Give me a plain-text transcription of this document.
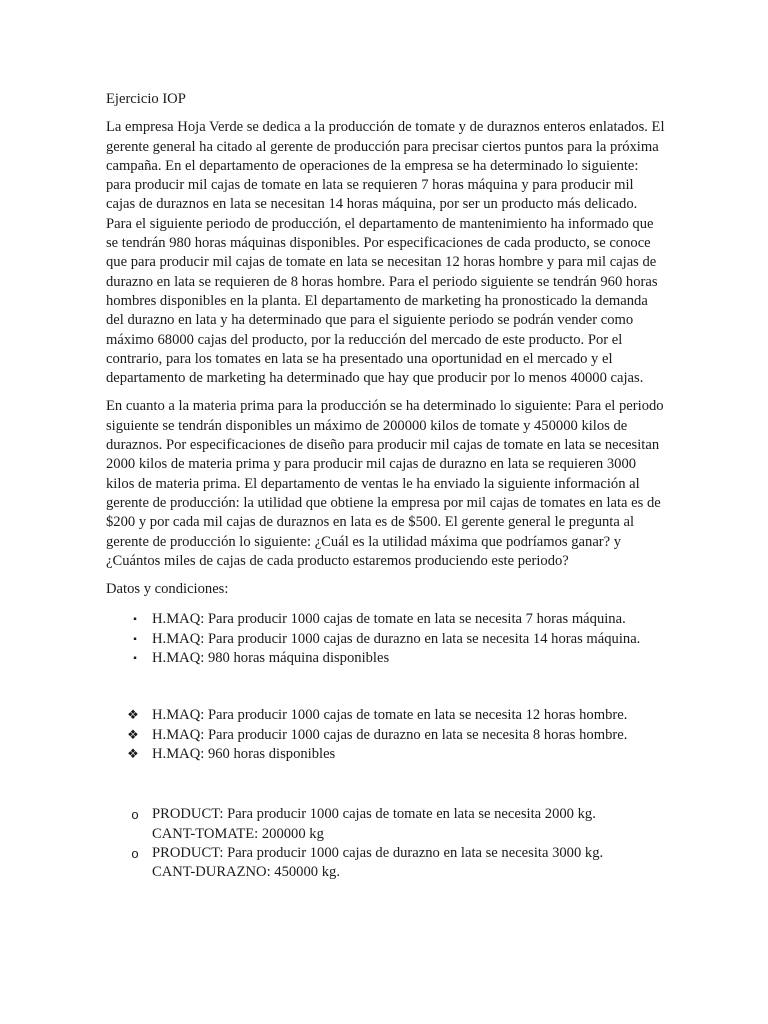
Ejercicio IOP

La empresa Hoja Verde se dedica a la producción de tomate y de duraznos enteros enlatados. El gerente general ha citado al gerente de producción para precisar ciertos puntos para la próxima campaña. En el departamento de operaciones de la empresa se ha determinado lo siguiente: para producir mil cajas de tomate en lata se requieren 7 horas máquina y para producir mil cajas de duraznos en lata se necesitan 14 horas máquina, por ser un producto más delicado. Para el siguiente periodo de producción, el departamento de mantenimiento ha informado que se tendrán 980 horas máquinas disponibles. Por especificaciones de cada producto, se conoce que para producir mil cajas de tomate en lata se necesitan 12 horas hombre y para mil cajas de durazno en lata se requieren de 8 horas hombre. Para el periodo siguiente se tendrán 960 horas hombres disponibles en la planta. El departamento de marketing ha pronosticado la demanda del durazno en lata y ha determinado que para el siguiente periodo se podrán vender como máximo 68000 cajas del producto, por la reducción del mercado de este producto. Por el contrario, para los tomates en lata se ha presentado una oportunidad en el mercado y el departamento de marketing ha determinado que hay que producir por lo menos 40000 cajas.

En cuanto a la materia prima para la producción se ha determinado lo siguiente: Para el periodo siguiente se tendrán disponibles un máximo de 200000 kilos de tomate y 450000 kilos de duraznos. Por especificaciones de diseño para producir mil cajas de tomate en lata se necesitan 2000 kilos de materia prima y para producir mil cajas de durazno en lata se requieren 3000 kilos de materia prima. El departamento de ventas le ha enviado la siguiente información al gerente de producción: la utilidad que obtiene la empresa por mil cajas de tomates en lata es de $200 y por cada mil cajas de duraznos en lata es de $500. El gerente general le pregunta al gerente de producción lo siguiente: ¿Cuál es la utilidad máxima que podríamos ganar? y ¿Cuántos miles de cajas de cada producto estaremos produciendo este periodo?

Datos y condiciones:

▪	H.MAQ: Para producir 1000 cajas de tomate en lata se necesita 7 horas máquina.
▪	H.MAQ: Para producir 1000 cajas de durazno en lata se necesita 14 horas máquina.
▪	H.MAQ: 980 horas máquina disponibles
❖ H.MAQ: Para producir 1000 cajas de tomate en lata se necesita 12 horas hombre.
❖ H.MAQ: Para producir 1000 cajas de durazno en lata se necesita 8 horas hombre.
❖ H.MAQ: 960 horas disponibles
o PRODUCT: Para producir 1000 cajas de tomate en lata se necesita 2000 kg.
CANT-TOMATE: 200000 kg
o PRODUCT: Para producir 1000 cajas de durazno en lata se necesita 3000 kg.
CANT-DURAZNO: 450000 kg.
